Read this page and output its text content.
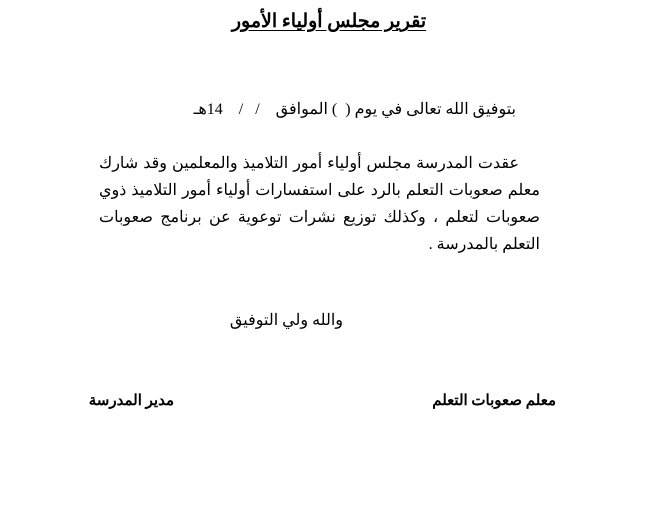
تقرير مجلس أولياء الأمور

بتوفيق الله تعالى في يوم (  ) الموافق    /   /    14هـ

عقدت المدرسة مجلس أولياء أمور التلاميذ والمعلمين وقد شارك معلم صعوبات التعلم بالرد على استفسارات أولياء أمور التلاميذ ذوي صعوبات لتعلم ، وكذلك توزيع نشرات توعوية عن برنامج صعوبات التعلم بالمدرسة .

والله ولي التوفيق

معلم صعوبات التعلم

مدير المدرسة
